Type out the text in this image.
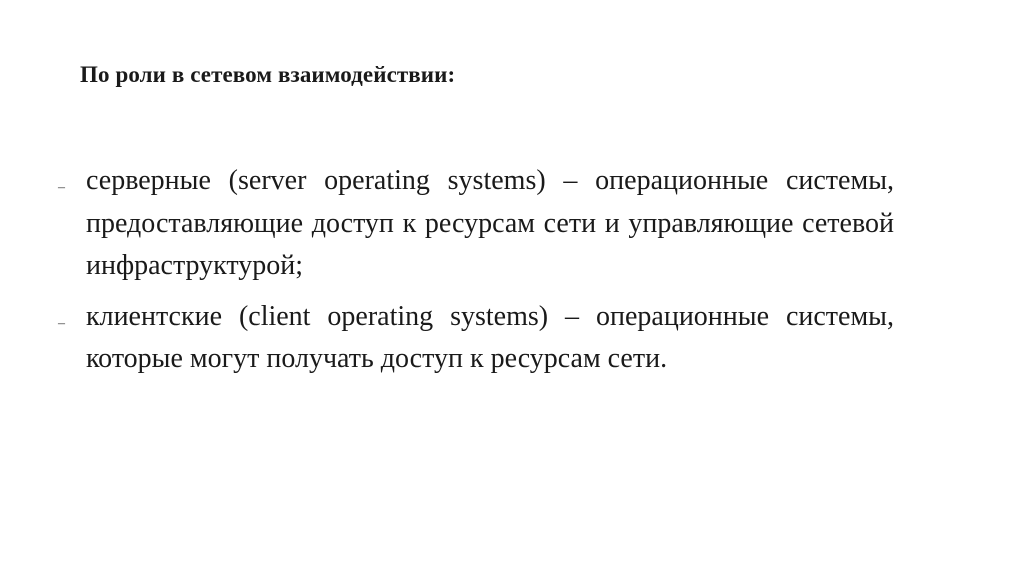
По роли в сетевом взаимодействии:
– серверные (server operating systems) – операционные системы, предоставляющие доступ к ресурсам сети и управляющие сетевой инфраструктурой;
– клиентские (client operating systems) – операционные системы, которые могут получать доступ к ресурсам сети.
